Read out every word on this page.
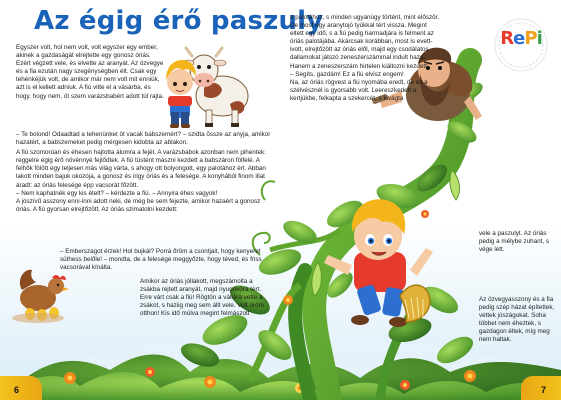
RePi
Az égig érő paszuly

Egyszer volt, hol nem volt, volt egyszer egy ember, akinek a gazdaságát elrejtette egy gonosz óriás. Ezért végzett vele, és elvette az aranyát. Az özvegye és a fia ezután nagy szegénységben élt. Csak egy tehénkéjük volt, de amikor már nem volt mit enniük, azt is el kellett adniuk. A fiú vitte el a vásárba, és hogy, hogy nem, öt szem varázsbabért adott túl rajta.

– Te bolond! Odaadtad a tehenünket öt vacak babszemért? – szidta össze az anyja, amikor hazatért, a babszemeket pedig mérgesen kidobta az ablakon.

A fiú szomorúan és éhesen hajtotta álomra a fejét. A varázsbabok azonban nem pihentek: reggelre égig érő növénnyé fejlődtek. A fiú tüstént mászni kezdett a babszáron fölfelé. A felhők fölött egy teljesen más világ várta, s ahogy ott bolyongott, egy palotához ért. Abban lakott minden bajuk okozója, a gonosz és irigy óriás és a felesége. A konyhából finom illat áradt: az óriás felesége épp vacsorát főzött.

– Nem kaphatnék egy kis ételt? – kérdezte a fiú. – Annyira éhes vagyok!

A jószívű asszony enni-inni adott neki, de még be sem fejezte, amikor hazaért a gonosz óriás. A fiú gyorsan elrejtőzött. Az óriás szimatolni kezdett:

– Emberszagot érzek! Hol bujkál? Porrá őröm a csontjait, hogy kenyeret süthess belőle! – mondta, de a felesége meggyőzte, hogy téved, és friss vacsorával kínálta.

Amikor az óriás jóllakott, megszámolta a zsákba rejtett aranyát, majd nyugovóra tért. Erre várt csak a fiú! Rögtön a vállára vette a zsákot, s haziig meg sem állt vele. Volt öröm otthon! Kis idő múlva megint felmászott

a palotához, s minden ugyanúgy történt, mint először. De most egy aranytojó tyúkkal tért vissza. Megint eltett egy idő, s a fiú pedig harmadjára is felment az óriás palotájába. Akárcsak korábban, most is evett-ivott, elrejtőzött az óriás elől, majd egy csodálatos dallamokat játszó zeneszerszámmal indult haza. Hanem a zeneszerszám hirtelen kiáltozni kezdett:

– Segíts, gazdám! Ez a fiú elvisz engem!

Na, az óriás rögvest a fiú nyomába eredt, de az a szélvésznél is gyorsabb volt. Leereszkedett a kertjükbe, felkapta a szekercét, s kivágta

vele a paszulyt. Az óriás pedig a mélybe zuhant, s vége lett.

Az özvegyasszony és a fia pedig szép házat építettek, vettek jószágokat. Soha többet nem éheztek, s gazdagon éltek, míg meg nem haltak.

6	7
